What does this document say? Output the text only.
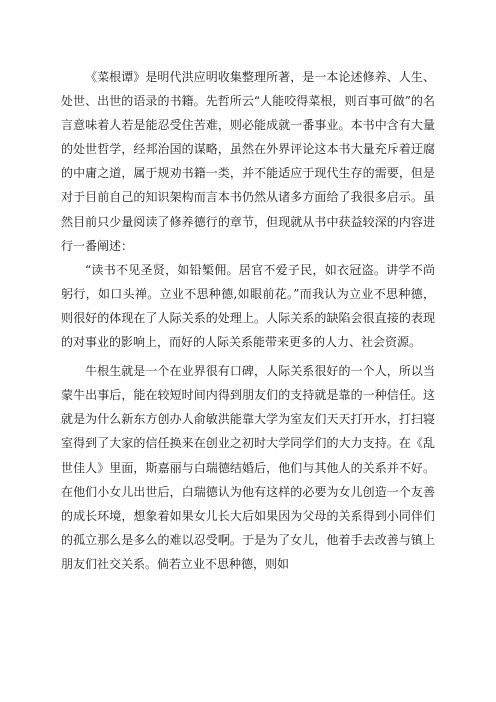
《菜根谭》是明代洪应明收集整理所著，是一本论述修养、人生、处世、出世的语录的书籍。先哲所云“人能咬得菜根，则百事可做”的名言意味着人若是能忍受住苦难，则必能成就一番事业。本书中含有大量的处世哲学，经邦治国的谋略，虽然在外界评论这本书大量充斥着迂腐的中庸之道，属于规劝书籍一类，并不能适应于现代生存的需要，但是对于目前自己的知识架构而言本书仍然从诸多方面给了我很多启示。虽然目前只少量阅读了修养德行的章节，但现就从书中获益较深的内容进行一番阐述：

“读书不见圣贤，如铅椠佣。居官不爱子民，如衣冠盗。讲学不尚躬行，如口头禅。立业不思种德,如眼前花。”而我认为立业不思种德，则很好的体现在了人际关系的处理上。人际关系的缺陷会很直接的表现的对事业的影响上，而好的人际关系能带来更多的人力、社会资源。

牛根生就是一个在业界很有口碑，人际关系很好的一个人，所以当蒙牛出事后，能在较短时间内得到朋友们的支持就是靠的一种信任。这就是为什么新东方创办人俞敏洪能靠大学为室友们天天打开水，打扫寝室得到了大家的信任换来在创业之初时大学同学们的大力支持。在《乱世佳人》里面，斯嘉丽与白瑞德结婚后，他们与其他人的关系并不好。在他们小女儿出世后，白瑞德认为他有这样的必要为女儿创造一个友善的成长环境，想象着如果女儿长大后如果因为父母的关系得到小同伴们的孤立那么是多么的难以忍受啊。于是为了女儿，他着手去改善与镇上朋友们社交关系。倘若立业不思种德，则如
